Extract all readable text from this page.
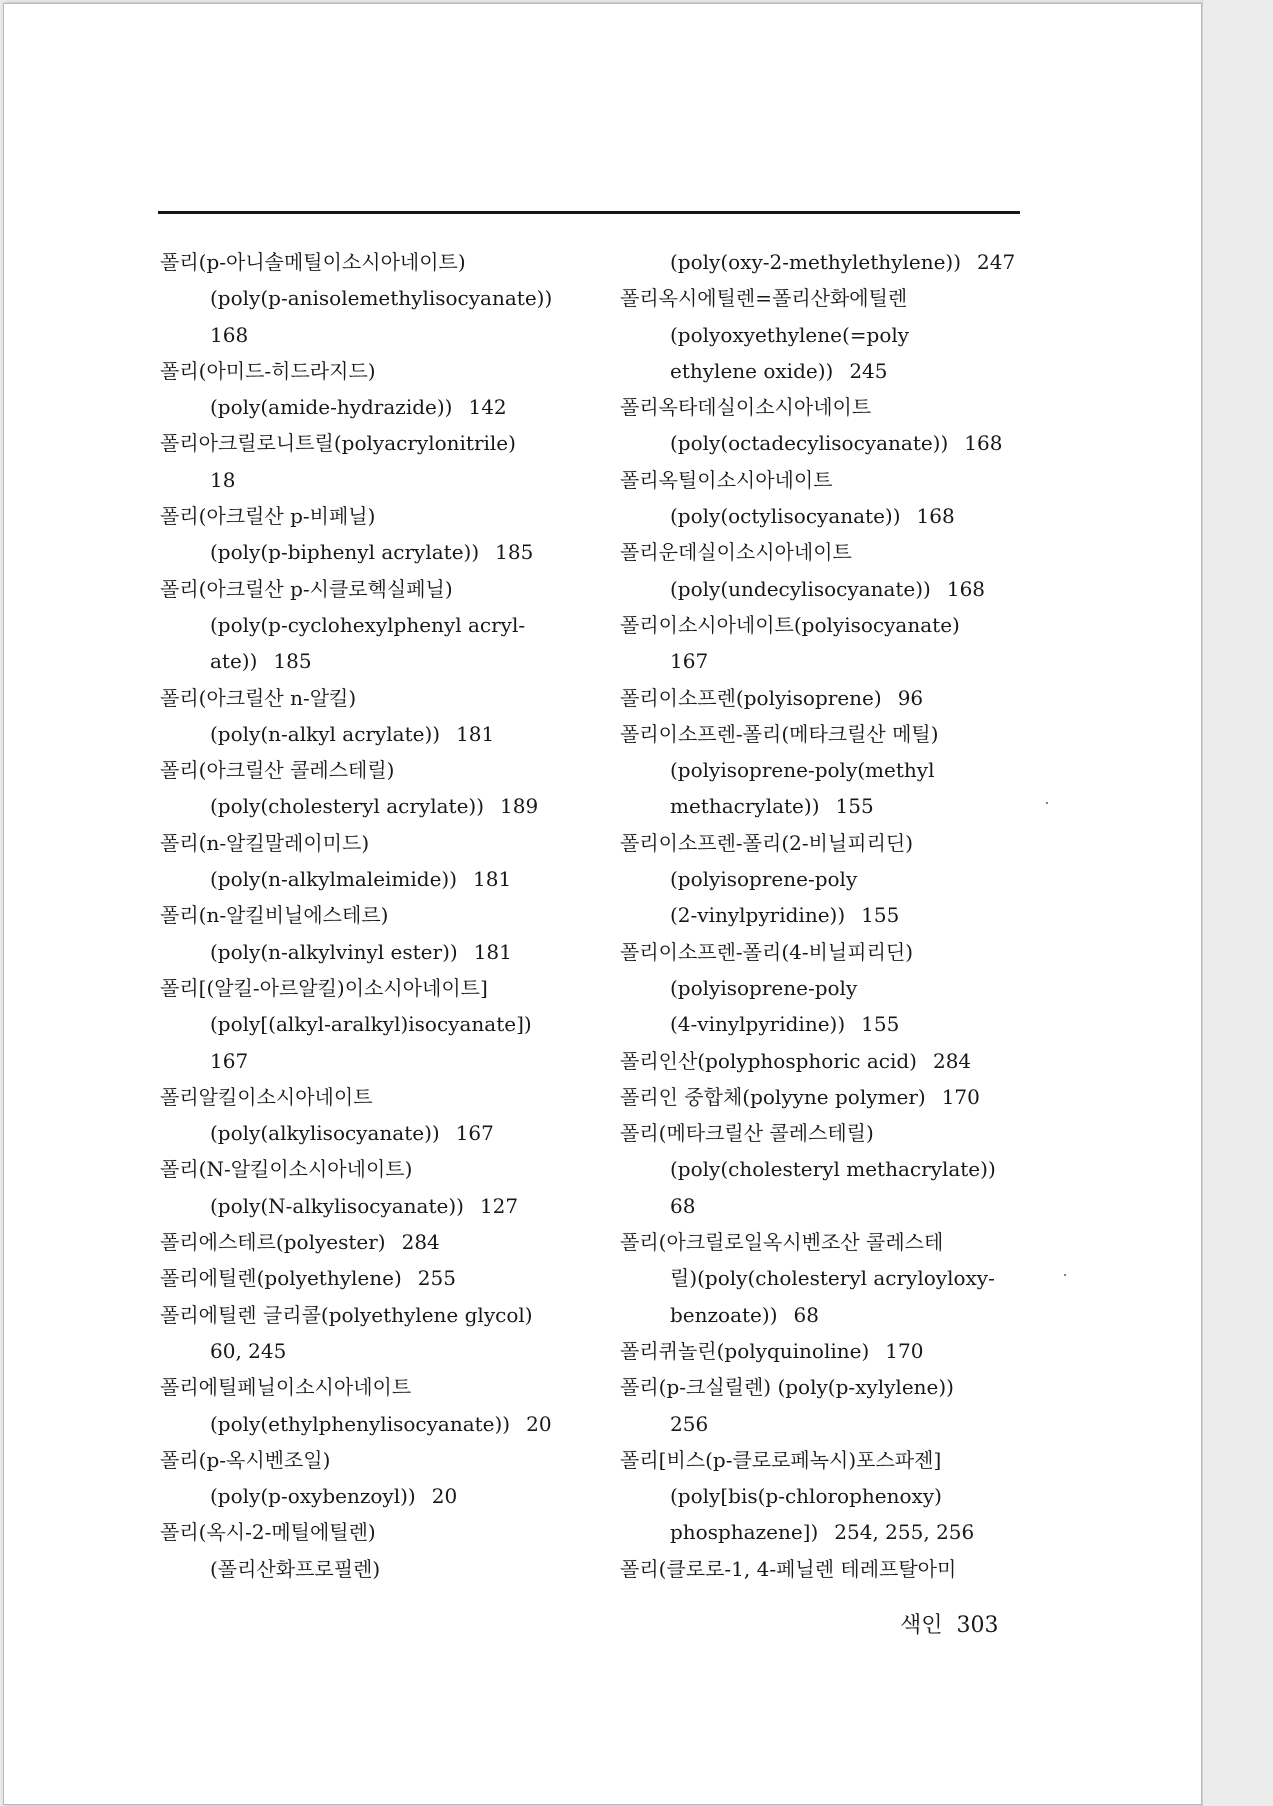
폴리(p-아니솔메틸이소시아네이트)
(poly(p-anisolemethylisocyanate))
168
폴리(아미드-히드라지드)
(poly(amide-hydrazide)) 142
폴리아크릴로니트릴(polyacrylonitrile)
18
폴리(아크릴산 p-비페닐)
(poly(p-biphenyl acrylate)) 185
폴리(아크릴산 p-시클로헥실페닐)
(poly(p-cyclohexylphenyl acryl-
ate)) 185
폴리(아크릴산 n-알킬)
(poly(n-alkyl acrylate)) 181
폴리(아크릴산 콜레스테릴)
(poly(cholesteryl acrylate)) 189
폴리(n-알킬말레이미드)
(poly(n-alkylmaleimide)) 181
폴리(n-알킬비닐에스테르)
(poly(n-alkylvinyl ester)) 181
폴리[(알킬-아르알킬)이소시아네이트]
(poly[(alkyl-aralkyl)isocyanate])
167
폴리알킬이소시아네이트
(poly(alkylisocyanate)) 167
폴리(N-알킬이소시아네이트)
(poly(N-alkylisocyanate)) 127
폴리에스테르(polyester) 284
폴리에틸렌(polyethylene) 255
폴리에틸렌 글리콜(polyethylene glycol)
60, 245
폴리에틸페닐이소시아네이트
(poly(ethylphenylisocyanate)) 20
폴리(p-옥시벤조일)
(poly(p-oxybenzoyl)) 20
폴리(옥시-2-메틸에틸렌)
(폴리산화프로필렌)
(poly(oxy-2-methylethylene)) 247
폴리옥시에틸렌=폴리산화에틸렌
(polyoxyethylene(=poly
ethylene oxide)) 245
폴리옥타데실이소시아네이트
(poly(octadecylisocyanate)) 168
폴리옥틸이소시아네이트
(poly(octylisocyanate)) 168
폴리운데실이소시아네이트
(poly(undecylisocyanate)) 168
폴리이소시아네이트(polyisocyanate)
167
폴리이소프렌(polyisoprene) 96
폴리이소프렌-폴리(메타크릴산 메틸)
(polyisoprene-poly(methyl
methacrylate)) 155
폴리이소프렌-폴리(2-비닐피리딘)
(polyisoprene-poly
(2-vinylpyridine)) 155
폴리이소프렌-폴리(4-비닐피리딘)
(polyisoprene-poly
(4-vinylpyridine)) 155
폴리인산(polyphosphoric acid) 284
폴리인 중합체(polyyne polymer) 170
폴리(메타크릴산 콜레스테릴)
(poly(cholesteryl methacrylate))
68
폴리(아크릴로일옥시벤조산 콜레스테
릴)(poly(cholesteryl acryloyloxy-
benzoate)) 68
폴리퀴놀린(polyquinoline) 170
폴리(p-크실릴렌) (poly(p-xylylene))
256
폴리[비스(p-클로로페녹시)포스파젠]
(poly[bis(p-chlorophenoxy)
phosphazene]) 254, 255, 256
폴리(클로로-1, 4-페닐렌 테레프탈아미
색인 303
